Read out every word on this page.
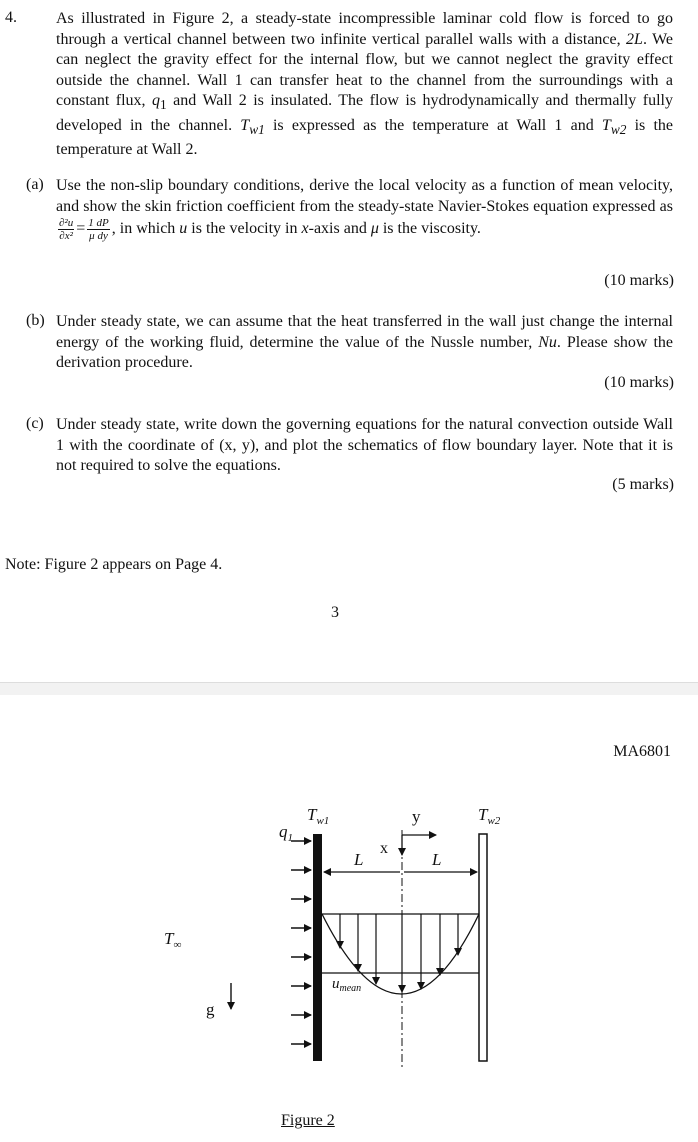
4. As illustrated in Figure 2, a steady-state incompressible laminar cold flow is forced to go through a vertical channel between two infinite vertical parallel walls with a distance, 2L. We can neglect the gravity effect for the internal flow, but we cannot neglect the gravity effect outside the channel. Wall 1 can transfer heat to the channel from the surroundings with a constant flux, $q_1$ and Wall 2 is insulated. The flow is hydrodynamically and thermally fully developed in the channel. $T_{w1}$ is expressed as the temperature at Wall 1 and $T_{w2}$ is the temperature at Wall 2.

(a) Use the non-slip boundary conditions, derive the local velocity as a function of mean velocity, and show the skin friction coefficient from the steady-state Navier-Stokes equation expressed as
$\frac{\text{∂²u}}{\text{∂x²}} = \frac{1 dP}{\text{μ dy}}$ , in which u is the velocity in x-axis and μ is the viscosity.

(10 marks)
(b) Under steady state, we can assume that the heat transferred in the wall just change the internal energy of the working fluid, determine the value of the Nussle number, Nu. Please show the derivation procedure.

(10 marks)
(c) Under steady state, write down the governing equations for the natural convection outside Wall 1 with the coordinate of (x, y), and plot the schematics of flow boundary layer. Note that it is not required to solve the equations.
(5 marks)
Note: Figure 2 appears on Page 4.
3
MA6801
$q_1$
$T_{w1}$	$T_{w2}$
y
x
L	L
$T_\infty$
$u_{mean}$
g
Figure 2
